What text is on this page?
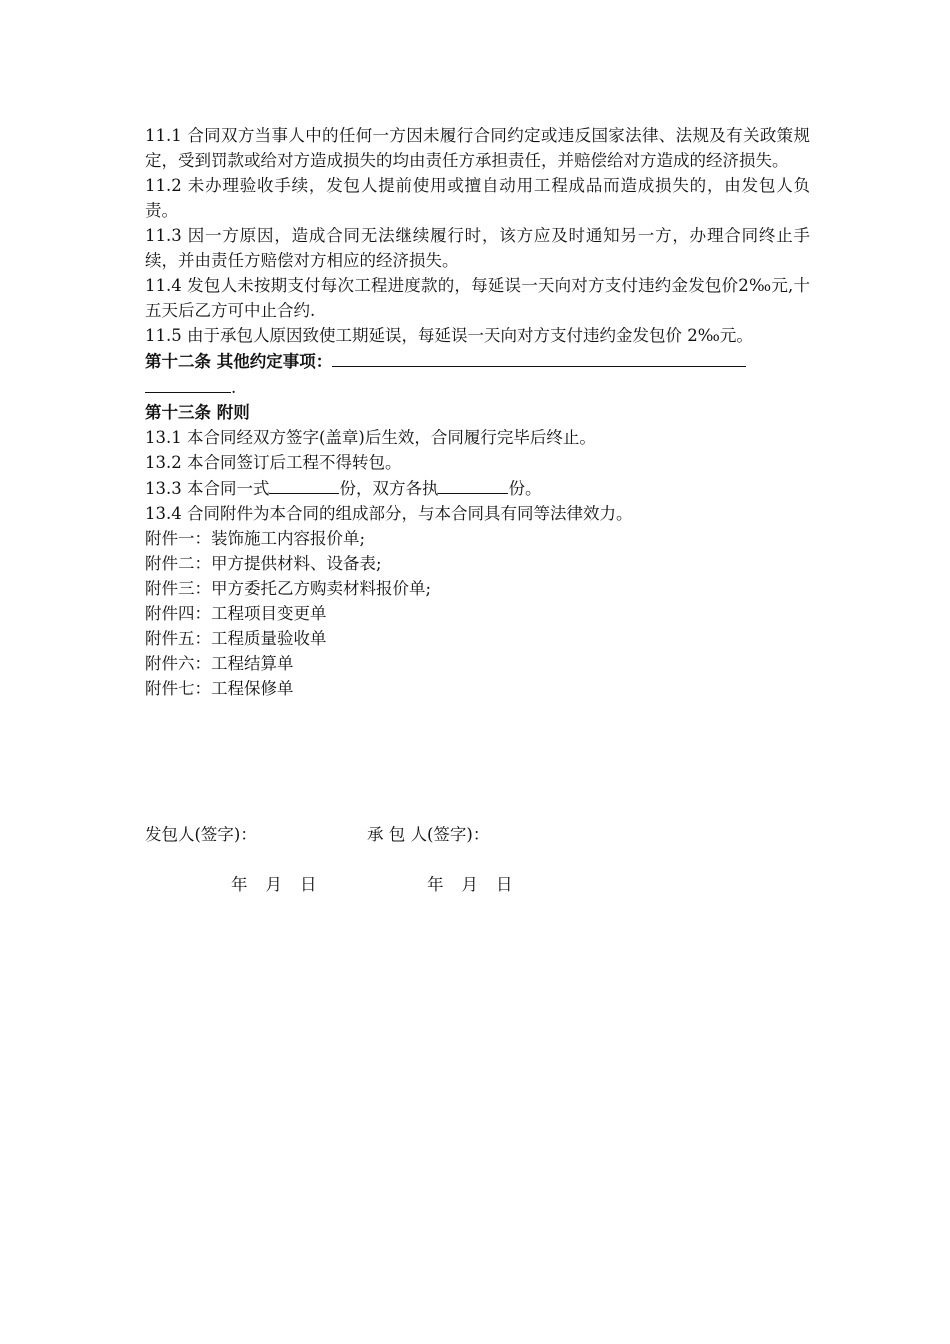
11.1 合同双方当事人中的任何一方因未履行合同约定或违反国家法律、法规及有关政策规定，受到罚款或给对方造成损失的均由责任方承担责任，并赔偿给对方造成的经济损失。

11.2 未办理验收手续，发包人提前使用或擅自动用工程成品而造成损失的，由发包人负责。

11.3 因一方原因，造成合同无法继续履行时，该方应及时通知另一方，办理合同终止手续，并由责任方赔偿对方相应的经济损失。

11.4 发包人未按期支付每次工程进度款的，每延误一天向对方支付违约金发包价2‰元,十五天后乙方可中止合约.

11.5 由于承包人原因致使工期延误，每延误一天向对方支付违约金发包价 2‰元。

第十二条 其他约定事项：

.

第十三条 附则

13.1 本合同经双方签字(盖章)后生效，合同履行完毕后终止。

13.2 本合同签订后工程不得转包。

13.3 本合同一式	份，双方各执	份。

13.4 合同附件为本合同的组成部分，与本合同具有同等法律效力。

附件一：装饰施工内容报价单;

附件二：甲方提供材料、设备表;

附件三：甲方委托乙方购卖材料报价单;

附件四：工程项目变更单

附件五：工程质量验收单

附件六：工程结算单

附件七：工程保修单

发包人(签字)：	承 包 人(签字)：
年 月 日	年 月 日
